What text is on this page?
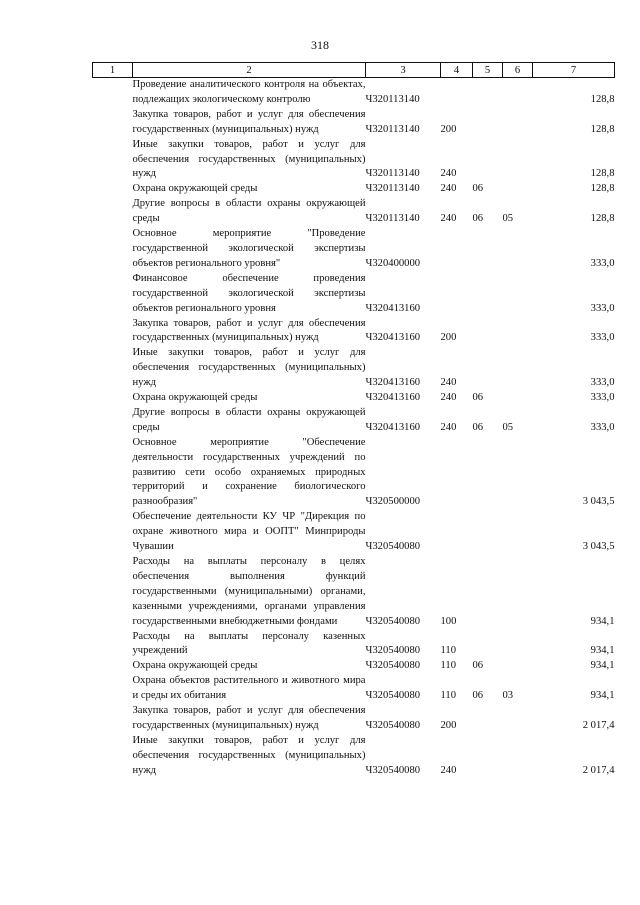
318
1	2	3	4	5	6	7
	Проведение аналитического контроля на объектах, подлежащих экологическому контролю	Ч320113140				128,8
	Закупка товаров, работ и услуг для обеспечения государственных (муниципальных) нужд	Ч320113140	200			128,8
	Иные закупки товаров, работ и услуг для обеспечения государственных (муниципальных) нужд	Ч320113140	240			128,8
	Охрана окружающей среды	Ч320113140	240	06		128,8
	Другие вопросы в области охраны окружающей среды	Ч320113140	240	06	05	128,8
	Основное мероприятие "Проведение государственной экологической экспертизы объектов регионального уровня"	Ч320400000				333,0
	Финансовое обеспечение проведения государственной экологической экспертизы объектов регионального уровня	Ч320413160				333,0
	Закупка товаров, работ и услуг для обеспечения государственных (муниципальных) нужд	Ч320413160	200			333,0
	Иные закупки товаров, работ и услуг для обеспечения государственных (муниципальных) нужд	Ч320413160	240			333,0
	Охрана окружающей среды	Ч320413160	240	06		333,0
	Другие вопросы в области охраны окружающей среды	Ч320413160	240	06	05	333,0
	Основное мероприятие "Обеспечение деятельности государственных учреждений по развитию сети особо охраняемых природных территорий и сохранение биологического разнообразия"	Ч320500000				3 043,5
	Обеспечение деятельности КУ ЧР "Дирекция по охране животного мира и ООПТ" Минприроды Чувашии	Ч320540080				3 043,5
	Расходы на выплаты персоналу в целях обеспечения выполнения функций государственными (муниципальными) органами, казенными учреждениями, органами управления государственными внебюджетными фондами	Ч320540080	100			934,1
	Расходы на выплаты персоналу казенных учреждений	Ч320540080	110			934,1
	Охрана окружающей среды	Ч320540080	110	06		934,1
	Охрана объектов растительного и животного мира и среды их обитания	Ч320540080	110	06	03	934,1
	Закупка товаров, работ и услуг для обеспечения государственных (муниципальных) нужд	Ч320540080	200			2 017,4
	Иные закупки товаров, работ и услуг для обеспечения государственных (муниципальных) нужд	Ч320540080	240			2 017,4
